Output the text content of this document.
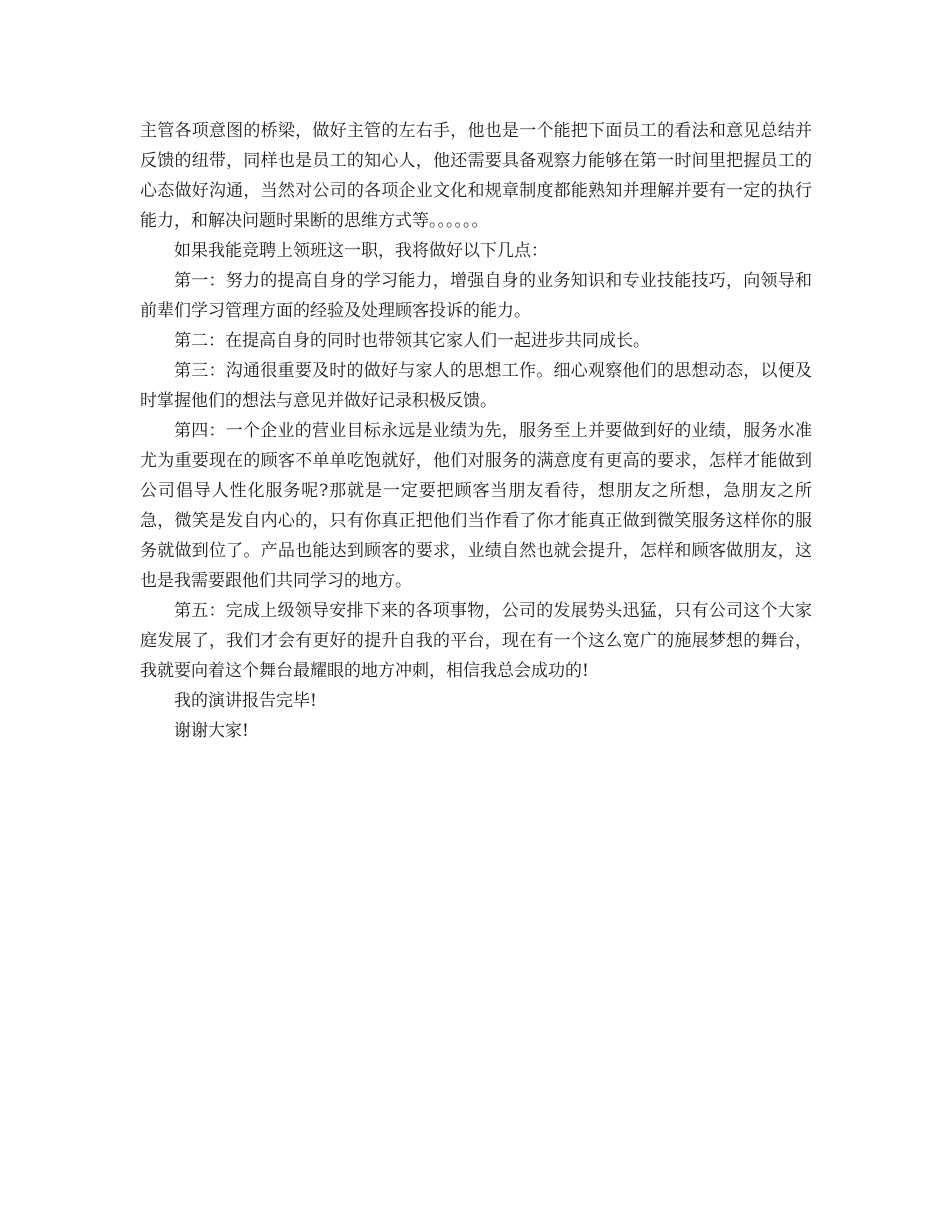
主管各项意图的桥梁，做好主管的左右手，他也是一个能把下面员工的看法和意见总结并反馈的纽带，同样也是员工的知心人，他还需要具备观察力能够在第一时间里把握员工的心态做好沟通，当然对公司的各项企业文化和规章制度都能熟知并理解并要有一定的执行能力，和解决问题时果断的思维方式等。。。。。。

如果我能竞聘上领班这一职，我将做好以下几点：

第一：努力的提高自身的学习能力，增强自身的业务知识和专业技能技巧，向领导和前辈们学习管理方面的经验及处理顾客投诉的能力。

第二：在提高自身的同时也带领其它家人们一起进步共同成长。

第三：沟通很重要及时的做好与家人的思想工作。细心观察他们的思想动态，以便及时掌握他们的想法与意见并做好记录积极反馈。

第四：一个企业的营业目标永远是业绩为先，服务至上并要做到好的业绩，服务水准尤为重要现在的顾客不单单吃饱就好，他们对服务的满意度有更高的要求，怎样才能做到公司倡导人性化服务呢?那就是一定要把顾客当朋友看待，想朋友之所想，急朋友之所急，微笑是发自内心的，只有你真正把他们当作看了你才能真正做到微笑服务这样你的服务就做到位了。产品也能达到顾客的要求，业绩自然也就会提升，怎样和顾客做朋友，这也是我需要跟他们共同学习的地方。

第五：完成上级领导安排下来的各项事物，公司的发展势头迅猛，只有公司这个大家庭发展了，我们才会有更好的提升自我的平台，现在有一个这么宽广的施展梦想的舞台，我就要向着这个舞台最耀眼的地方冲刺，相信我总会成功的!

我的演讲报告完毕!

谢谢大家!
